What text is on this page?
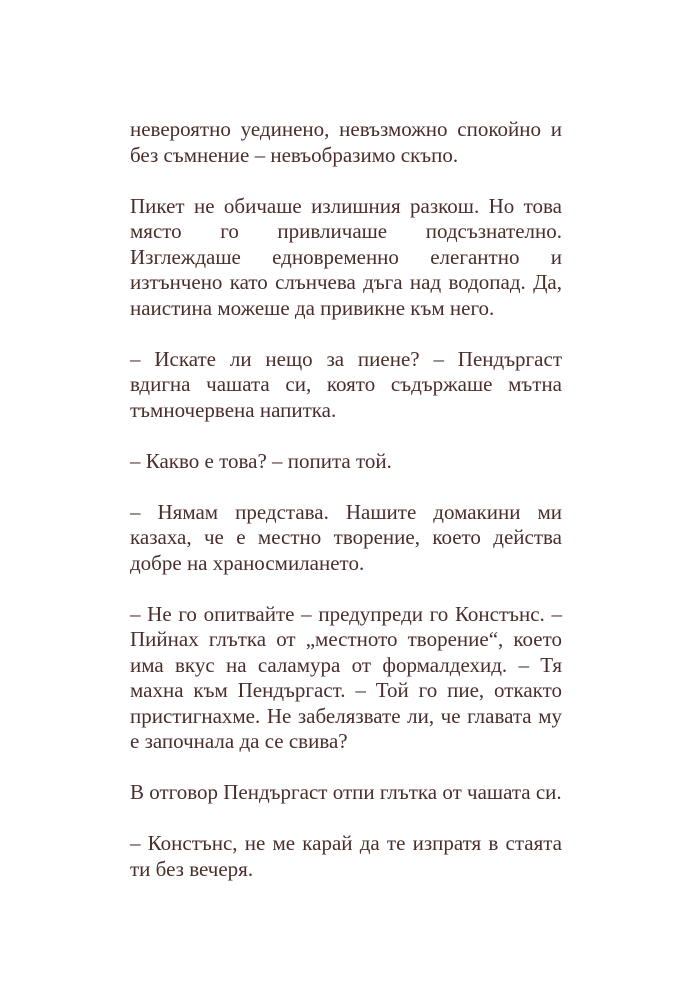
невероятно уединено, невъзможно спокойно и без съмнение – невъобразимо скъпо.

Пикет не обичаше излишния разкош. Но това място го привличаше подсъзнателно. Изглеждаше едновременно елегантно и изтънчено като слънчева дъга над водопад. Да, наистина можеше да привикне към него.

– Искате ли нещо за пиене? – Пендъргаст вдигна чашата си, която съдържаше мътна тъмночервена напитка.

– Какво е това? – попита той.

– Нямам представа. Нашите домакини ми казаха, че е местно творение, което действа добре на храносмилането.

– Не го опитвайте – предупреди го Констънс. – Пийнах глътка от „местното творение“, което има вкус на саламура от формалдехид. – Тя махна към Пендъргаст. – Той го пие, откакто пристигнахме. Не забелязвате ли, че главата му е започнала да се свива?

В отговор Пендъргаст отпи глътка от чашата си.

– Констънс, не ме карай да те изпратя в стаята ти без вечеря.
